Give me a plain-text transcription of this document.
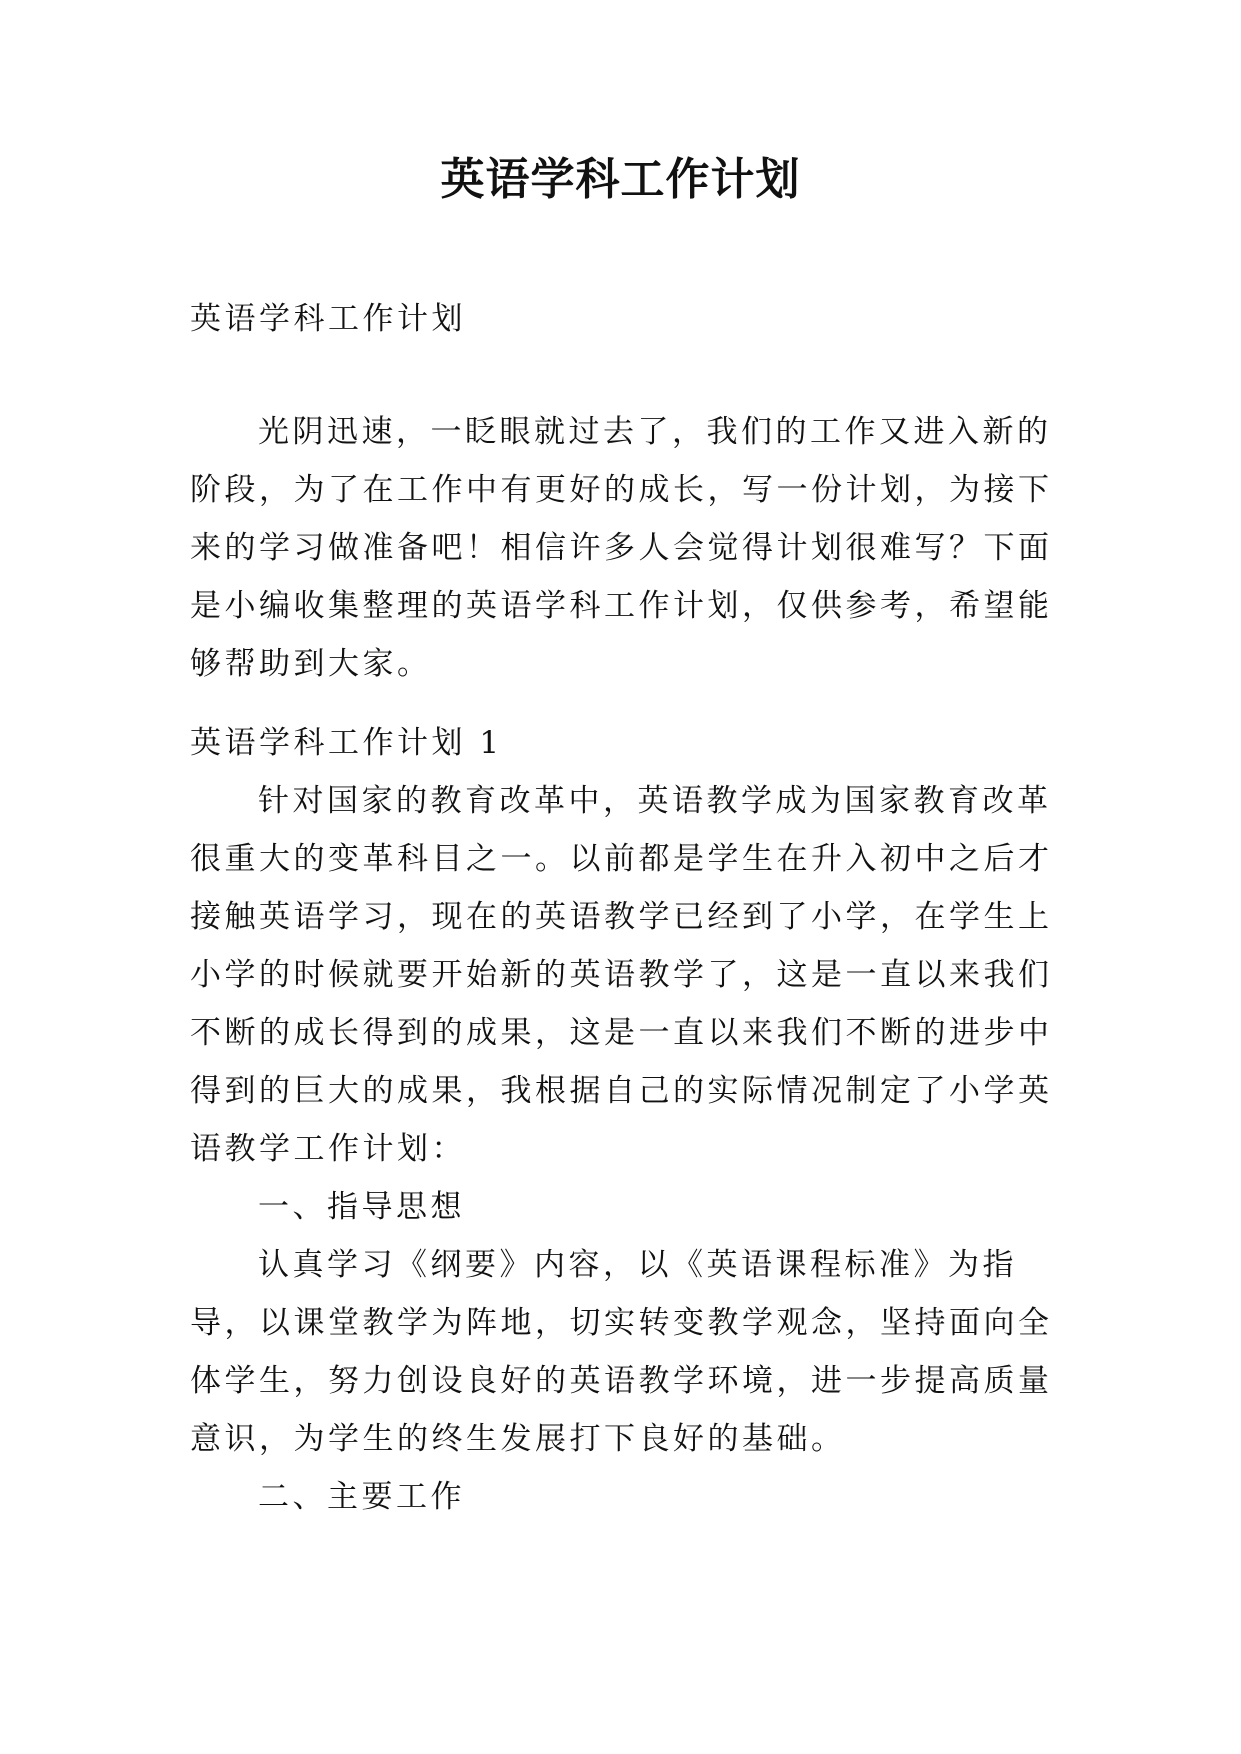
英语学科工作计划

英语学科工作计划

光阴迅速，一眨眼就过去了，我们的工作又进入新的阶段，为了在工作中有更好的成长，写一份计划，为接下来的学习做准备吧！相信许多人会觉得计划很难写？下面是小编收集整理的英语学科工作计划，仅供参考，希望能够帮助到大家。

英语学科工作计划 1

针对国家的教育改革中，英语教学成为国家教育改革很重大的变革科目之一。以前都是学生在升入初中之后才接触英语学习，现在的英语教学已经到了小学，在学生上小学的时候就要开始新的英语教学了，这是一直以来我们不断的成长得到的成果，这是一直以来我们不断的进步中得到的巨大的成果，我根据自己的实际情况制定了小学英语教学工作计划：

一、指导思想

认真学习《纲要》内容，以《英语课程标准》为指导，以课堂教学为阵地，切实转变教学观念，坚持面向全体学生，努力创设良好的英语教学环境，进一步提高质量意识，为学生的终生发展打下良好的基础。

二、主要工作
